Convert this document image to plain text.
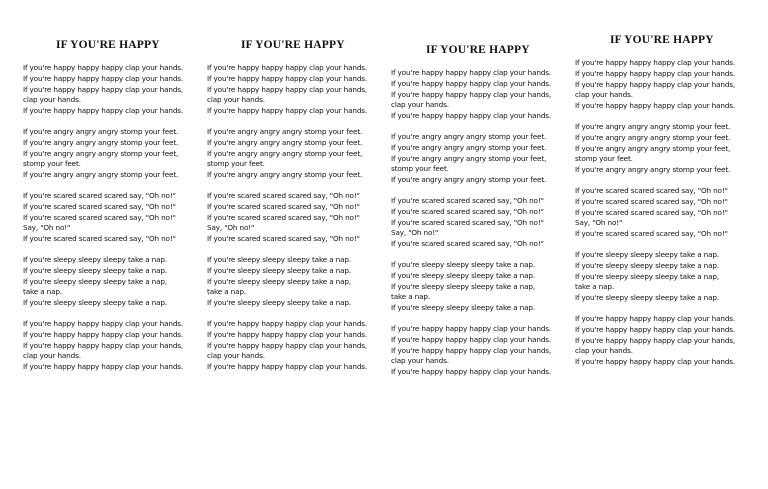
IF YOU'RE HAPPY
If you're happy happy happy clap your hands.
If you're happy happy happy clap your hands.
If you're happy happy happy clap your hands,
clap your hands.
If you're happy happy happy clap your hands.
If you're angry angry angry stomp your feet.
If you're angry angry angry stomp your feet.
If you're angry angry angry stomp your feet,
stomp your feet.
If you're angry angry angry stomp your feet.
If you're scared scared scared say, "Oh no!"
If you're scared scared scared say, "Oh no!"
If you're scared scared scared say, "Oh no!"
Say, "Oh no!"
If you're scared scared scared say, "Oh no!"
If you're sleepy sleepy sleepy take a nap.
If you're sleepy sleepy sleepy take a nap.
If you're sleepy sleepy sleepy take a nap,
take a nap.
If you're sleepy sleepy sleepy take a nap.
If you're happy happy happy clap your hands.
If you're happy happy happy clap your hands.
If you're happy happy happy clap your hands,
clap your hands.
If you're happy happy happy clap your hands.
IF YOU'RE HAPPY
If you're happy happy happy clap your hands.
If you're happy happy happy clap your hands.
If you're happy happy happy clap your hands,
clap your hands.
If you're happy happy happy clap your hands.
If you're angry angry angry stomp your feet.
If you're angry angry angry stomp your feet.
If you're angry angry angry stomp your feet,
stomp your feet.
If you're angry angry angry stomp your feet.
If you're scared scared scared say, "Oh no!"
If you're scared scared scared say, "Oh no!"
If you're scared scared scared say, "Oh no!"
Say, "Oh no!"
If you're scared scared scared say, "Oh no!"
If you're sleepy sleepy sleepy take a nap.
If you're sleepy sleepy sleepy take a nap.
If you're sleepy sleepy sleepy take a nap,
take a nap.
If you're sleepy sleepy sleepy take a nap.
If you're happy happy happy clap your hands.
If you're happy happy happy clap your hands.
If you're happy happy happy clap your hands,
clap your hands.
If you're happy happy happy clap your hands.
IF YOU'RE HAPPY
If you're happy happy happy clap your hands.
If you're happy happy happy clap your hands.
If you're happy happy happy clap your hands,
clap your hands.
If you're happy happy happy clap your hands.
If you're angry angry angry stomp your feet.
If you're angry angry angry stomp your feet.
If you're angry angry angry stomp your feet,
stomp your feet.
If you're angry angry angry stomp your feet.
If you're scared scared scared say, "Oh no!"
If you're scared scared scared say, "Oh no!"
If you're scared scared scared say, "Oh no!"
Say, "Oh no!"
If you're scared scared scared say, "Oh no!"
If you're sleepy sleepy sleepy take a nap.
If you're sleepy sleepy sleepy take a nap.
If you're sleepy sleepy sleepy take a nap,
take a nap.
If you're sleepy sleepy sleepy take a nap.
If you're happy happy happy clap your hands.
If you're happy happy happy clap your hands.
If you're happy happy happy clap your hands,
clap your hands.
If you're happy happy happy clap your hands.
IF YOU'RE HAPPY
If you're happy happy happy clap your hands.
If you're happy happy happy clap your hands.
If you're happy happy happy clap your hands,
clap your hands.
If you're happy happy happy clap your hands.
If you're angry angry angry stomp your feet.
If you're angry angry angry stomp your feet.
If you're angry angry angry stomp your feet,
stomp your feet.
If you're angry angry angry stomp your feet.
If you're scared scared scared say, "Oh no!"
If you're scared scared scared say, "Oh no!"
If you're scared scared scared say, "Oh no!"
Say, "Oh no!"
If you're scared scared scared say, "Oh no!"
If you're sleepy sleepy sleepy take a nap.
If you're sleepy sleepy sleepy take a nap.
If you're sleepy sleepy sleepy take a nap,
take a nap.
If you're sleepy sleepy sleepy take a nap.
If you're happy happy happy clap your hands.
If you're happy happy happy clap your hands.
If you're happy happy happy clap your hands,
clap your hands.
If you're happy happy happy clap your hands.
